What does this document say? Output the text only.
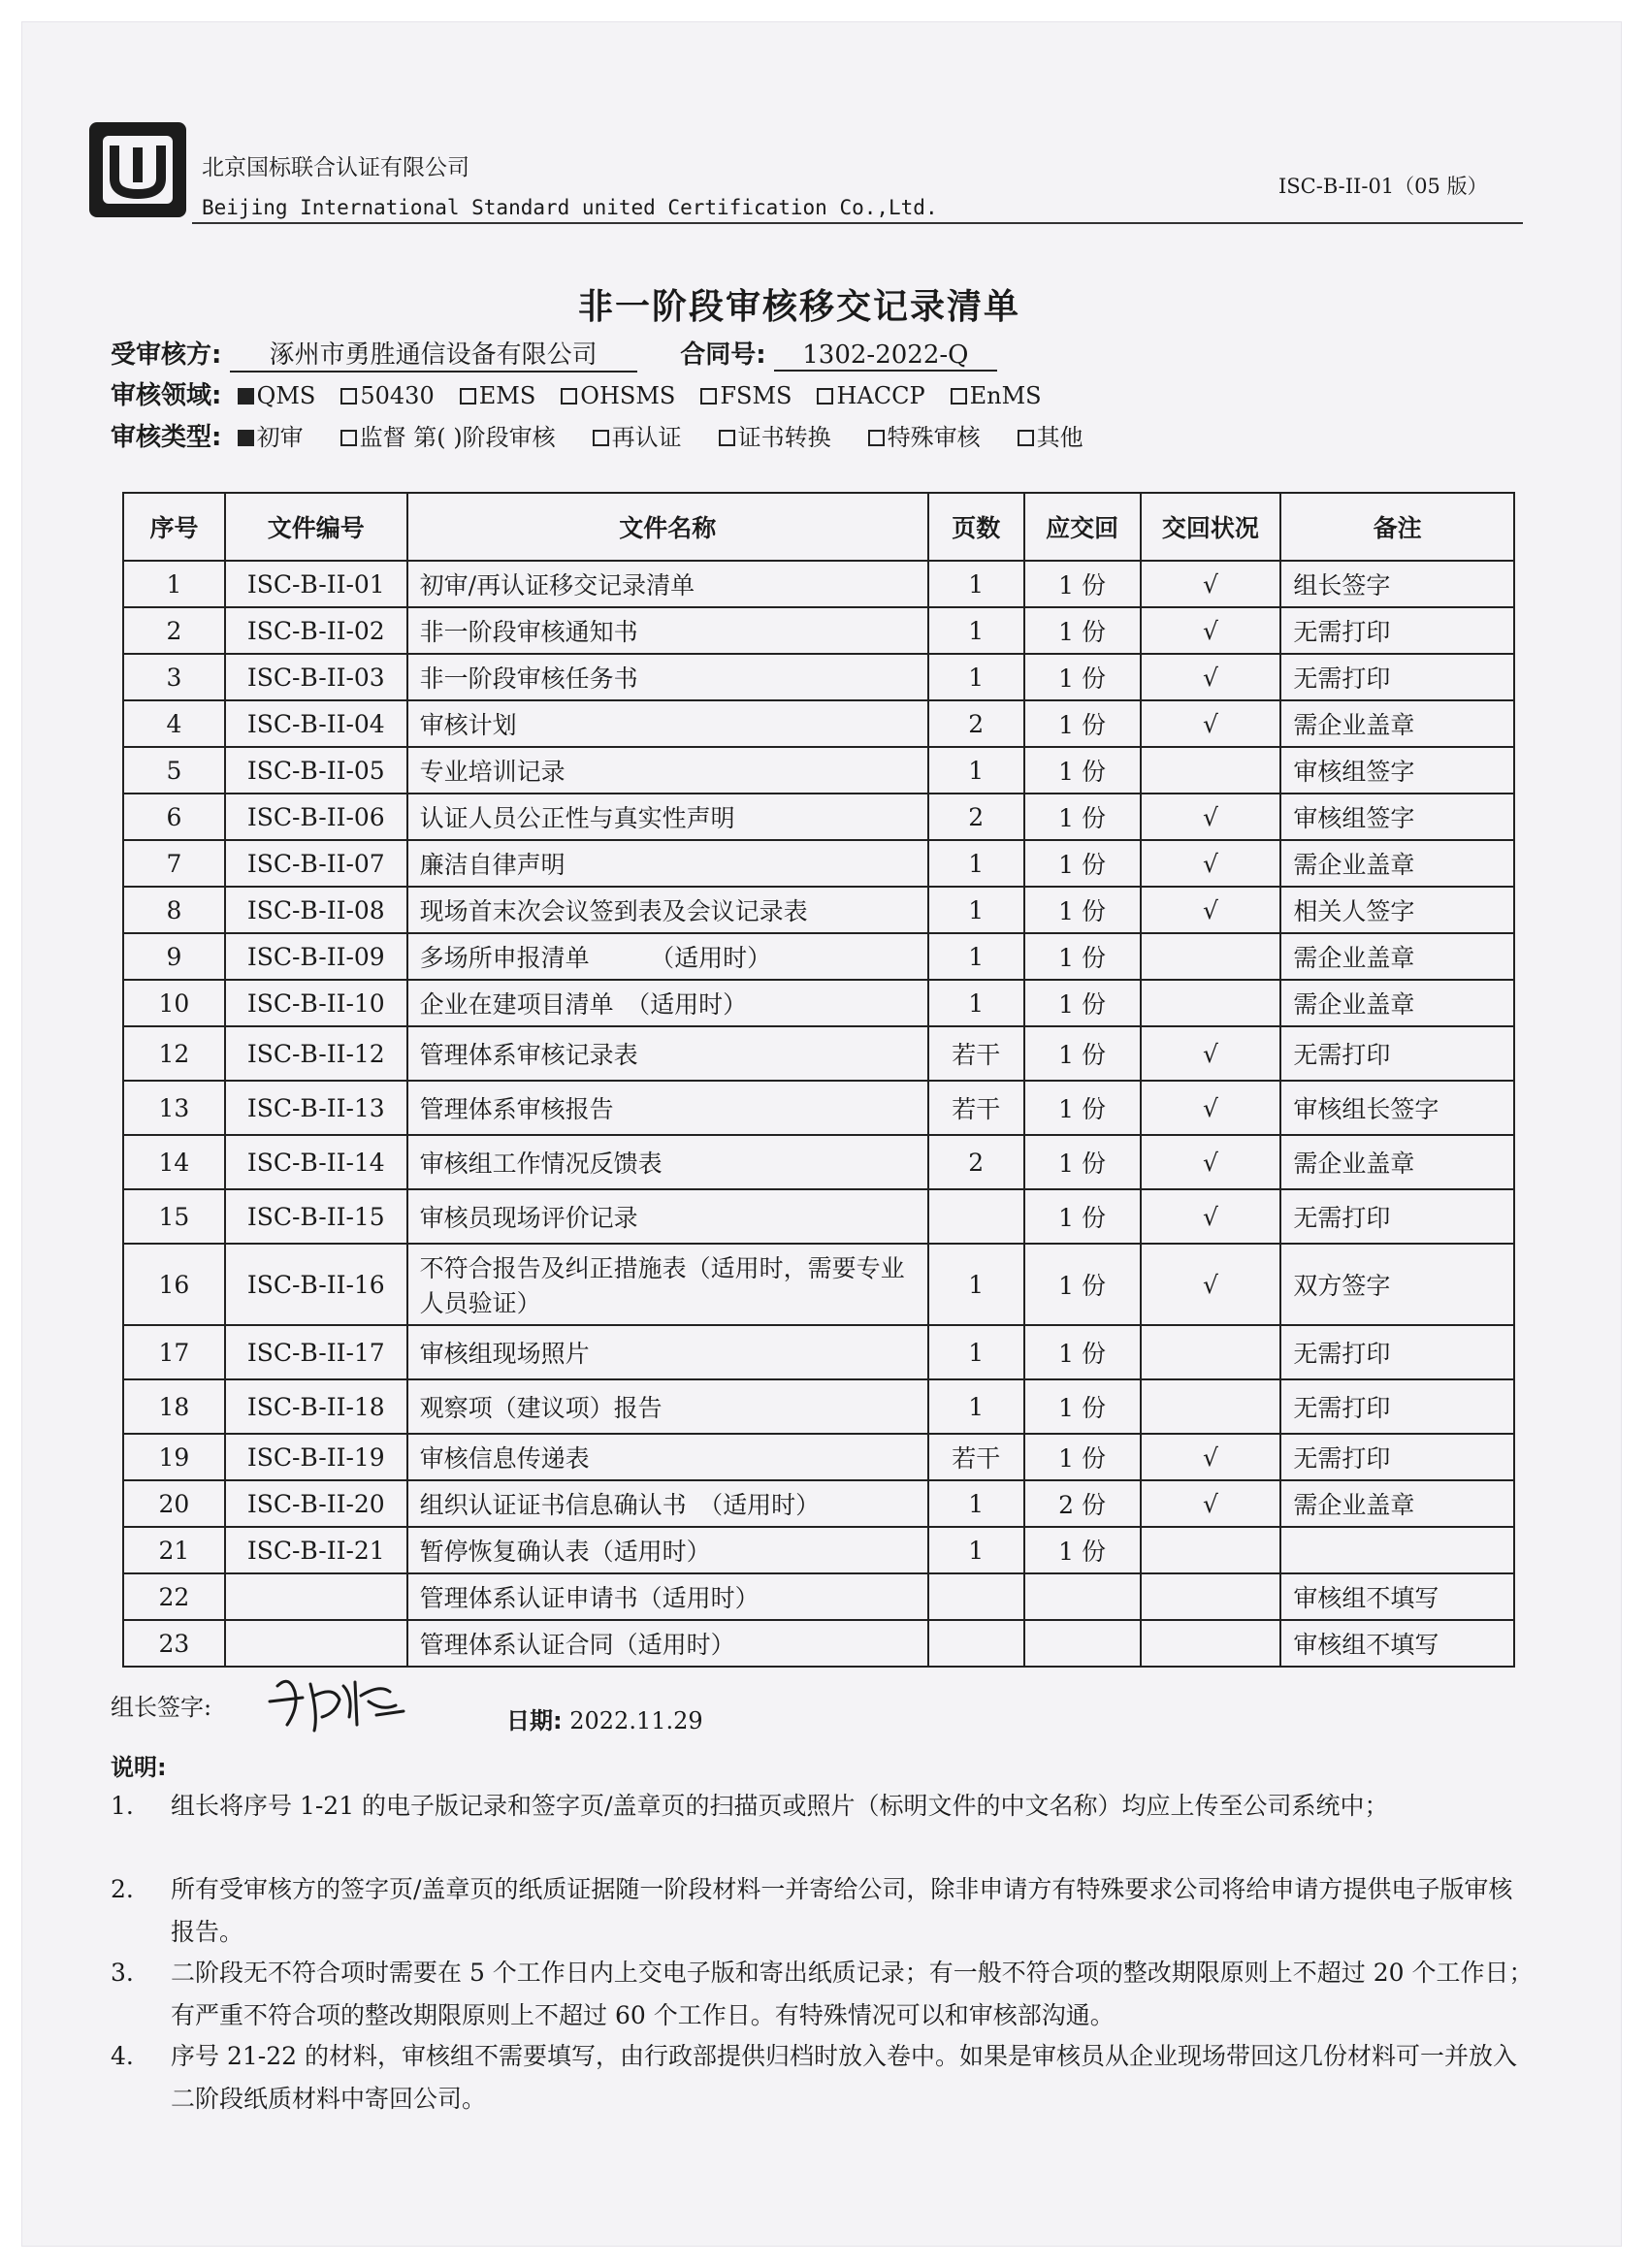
北京国标联合认证有限公司
Beijing International Standard united Certification Co.,Ltd.
ISC-B-II-01（05 版）
非一阶段审核移交记录清单
受审核方: 涿州市勇胜通信设备有限公司	合同号: 1302-2022-Q
审核领域: QMS 50430 EMS OHSMS FSMS HACCP EnMS
审核类型: 初审 监督 第( )阶段审核 再认证 证书转换 特殊审核 其他
序号	文件编号	文件名称	页数	应交回	交回状况	备注
1	ISC-B-II-01	初审/再认证移交记录清单	1	1 份	√	组长签字
2	ISC-B-II-02	非一阶段审核通知书	1	1 份	√	无需打印
3	ISC-B-II-03	非一阶段审核任务书	1	1 份	√	无需打印
4	ISC-B-II-04	审核计划	2	1 份	√	需企业盖章
5	ISC-B-II-05	专业培训记录	1	1 份		审核组签字
6	ISC-B-II-06	认证人员公正性与真实性声明	2	1 份	√	审核组签字
7	ISC-B-II-07	廉洁自律声明	1	1 份	√	需企业盖章
8	ISC-B-II-08	现场首末次会议签到表及会议记录表	1	1 份	√	相关人签字
9	ISC-B-II-09	多场所申报清单　　　（适用时）	1	1 份		需企业盖章
10	ISC-B-II-10	企业在建项目清单　（适用时）	1	1 份		需企业盖章
12	ISC-B-II-12	管理体系审核记录表	若干	1 份	√	无需打印
13	ISC-B-II-13	管理体系审核报告	若干	1 份	√	审核组长签字
14	ISC-B-II-14	审核组工作情况反馈表	2	1 份	√	需企业盖章
15	ISC-B-II-15	审核员现场评价记录		1 份	√	无需打印
16	ISC-B-II-16	不符合报告及纠正措施表（适用时，需要专业人员验证）	1	1 份	√	双方签字
17	ISC-B-II-17	审核组现场照片	1	1 份		无需打印
18	ISC-B-II-18	观察项（建议项）报告	1	1 份		无需打印
19	ISC-B-II-19	审核信息传递表	若干	1 份	√	无需打印
20	ISC-B-II-20	组织认证证书信息确认书　（适用时）	1	2 份	√	需企业盖章
21	ISC-B-II-21	暂停恢复确认表（适用时）	1	1 份		
22		管理体系认证申请书（适用时）				审核组不填写
23		管理体系认证合同（适用时）				审核组不填写
组长签字:	日期: 2022.11.29
说明:
1.	组长将序号 1-21 的电子版记录和签字页/盖章页的扫描页或照片（标明文件的中文名称）均应上传至公司系统中；
2.	所有受审核方的签字页/盖章页的纸质证据随一阶段材料一并寄给公司，除非申请方有特殊要求公司将给申请方提供电子版审核报告。
3.	二阶段无不符合项时需要在 5 个工作日内上交电子版和寄出纸质记录；有一般不符合项的整改期限原则上不超过 20 个工作日；有严重不符合项的整改期限原则上不超过 60 个工作日。有特殊情况可以和审核部沟通。
4.	序号 21-22 的材料，审核组不需要填写，由行政部提供归档时放入卷中。如果是审核员从企业现场带回这几份材料可一并放入二阶段纸质材料中寄回公司。
